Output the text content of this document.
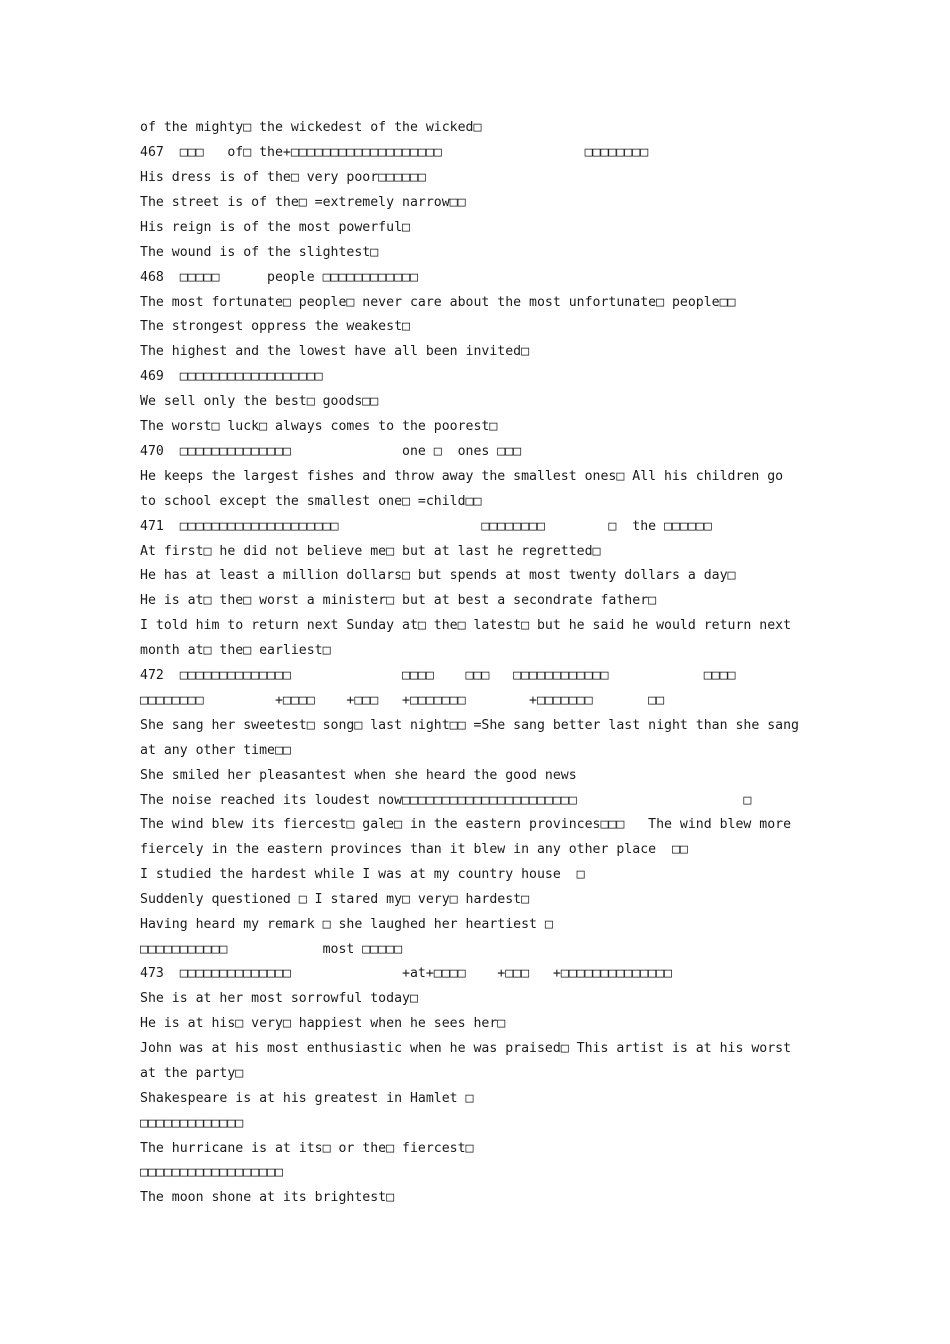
of the mighty□ the wickedest of the wicked□
467  □□□   of□ the+□□□□□□□□□□□□□□□□□□□                  □□□□□□□□
His dress is of the□ very poor□□□□□□
The street is of the□ =extremely narrow□□
His reign is of the most powerful□
The wound is of the slightest□
468  □□□□□      people □□□□□□□□□□□□
The most fortunate□ people□ never care about the most unfortunate□ people□□
The strongest oppress the weakest□
The highest and the lowest have all been invited□
469  □□□□□□□□□□□□□□□□□□
We sell only the best□ goods□□
The worst□ luck□ always comes to the poorest□
470  □□□□□□□□□□□□□□              one □  ones □□□
He keeps the largest fishes and throw away the smallest ones□ All his children go
to school except the smallest one□ =child□□
471  □□□□□□□□□□□□□□□□□□□□                  □□□□□□□□        □  the □□□□□□
At first□ he did not believe me□ but at last he regretted□
He has at least a million dollars□ but spends at most twenty dollars a day□
He is at□ the□ worst a minister□ but at best a secondrate father□
I told him to return next Sunday at□ the□ latest□ but he said he would return next
month at□ the□ earliest□
472  □□□□□□□□□□□□□□              □□□□    □□□   □□□□□□□□□□□□            □□□□
□□□□□□□□         +□□□□    +□□□   +□□□□□□□        +□□□□□□□       □□
She sang her sweetest□ song□ last night□□ =She sang better last night than she sang
at any other time□□
She smiled her pleasantest when she heard the good news
The noise reached its loudest now□□□□□□□□□□□□□□□□□□□□□□                     □
The wind blew its fiercest□ gale□ in the eastern provinces□□□   The wind blew more
fiercely in the eastern provinces than it blew in any other place  □□
I studied the hardest while I was at my country house  □
Suddenly questioned □ I stared my□ very□ hardest□
Having heard my remark □ she laughed her heartiest □
□□□□□□□□□□□            most □□□□□
473  □□□□□□□□□□□□□□              +at+□□□□    +□□□   +□□□□□□□□□□□□□□
She is at her most sorrowful today□
He is at his□ very□ happiest when he sees her□
John was at his most enthusiastic when he was praised□ This artist is at his worst
at the party□
Shakespeare is at his greatest in Hamlet □
□□□□□□□□□□□□□
The hurricane is at its□ or the□ fiercest□
□□□□□□□□□□□□□□□□□□
The moon shone at its brightest□
